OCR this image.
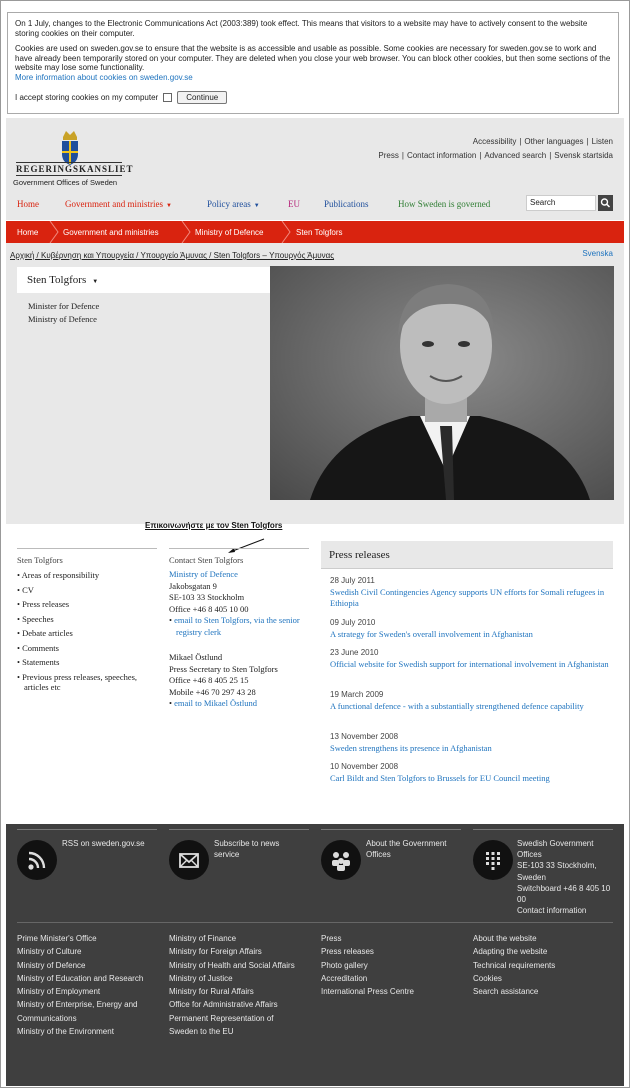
On 1 July, changes to the Electronic Communications Act (2003:389) took effect. This means that visitors to a website may have to actively consent to the website storing cookies on their computer.

Cookies are used on sweden.gov.se to ensure that the website is as accessible and usable as possible. Some cookies are necessary for sweden.gov.se to work and have already been temporarily stored on your computer. They are deleted when you close your web browser. You can block other cookies, but then some sections of the website may lose some functionality.

More information about cookies on sweden.gov.se
I accept storing cookies on my computer	Continue
REGERINGSKANSLIET
Government Offices of Sweden
Accessibility | Other languages | Listen
Press | Contact information | Advanced search | Svensk startsida
Home	Government and ministries ▼	Policy areas ▼	EU	Publications	How Sweden is governed	Search
Home	Government and ministries	Ministry of Defence	Sten Tolgfors
Αρχική / Κυβέρνηση και Υπουργεία / Υπουργείο Άμυνας / Sten Tolgfors – Υπουργός Άμυνας	Svenska
Sten Tolgfors ▼
Minister for Defence
Ministry of Defence
Επικοινωνήστε με τον Sten Tolgfors
Sten Tolgfors
• Areas of responsibility
• CV
• Press releases
• Speeches
• Debate articles
• Comments
• Statements
• Previous press releases, speeches, articles etc
Contact Sten Tolgfors
Ministry of Defence
Jakobsgatan 9
SE-103 33 Stockholm
Office +46 8 405 10 00
• email to Sten Tolgfors, via the senior registry clerk
Mikael Östlund
Press Secretary to Sten Tolgfors
Office +46 8 405 25 15
Mobile +46 70 297 43 28
• email to Mikael Östlund
Press releases
28 July 2011
Swedish Civil Contingencies Agency supports UN efforts for Somali refugees in Ethiopia
09 July 2010
A strategy for Sweden's overall involvement in Afghanistan
23 June 2010
Official website for Swedish support for international involvement in Afghanistan
19 March 2009
A functional defence - with a substantially strengthened defence capability
13 November 2008
Sweden strengthens its presence in Afghanistan
10 November 2008
Carl Bildt and Sten Tolgfors to Brussels for EU Council meeting
RSS on sweden.gov.se	Subscribe to news service
About the Government Offices
Swedish Government Offices
SE-103 33 Stockholm, Sweden
Switchboard +46 8 405 10 00
Contact information
Prime Minister's Office
Ministry of Culture
Ministry of Defence
Ministry of Education and Research
Ministry of Employment
Ministry of Enterprise, Energy and Communications
Ministry of the Environment
Ministry of Finance
Ministry for Foreign Affairs
Ministry of Health and Social Affairs
Ministry of Justice
Ministry for Rural Affairs
Office for Administrative Affairs
Permanent Representation of Sweden to the EU
Press
Press releases
Photo gallery
Accreditation
International Press Centre
About the website
Adapting the website
Technical requirements
Cookies
Search assistance
